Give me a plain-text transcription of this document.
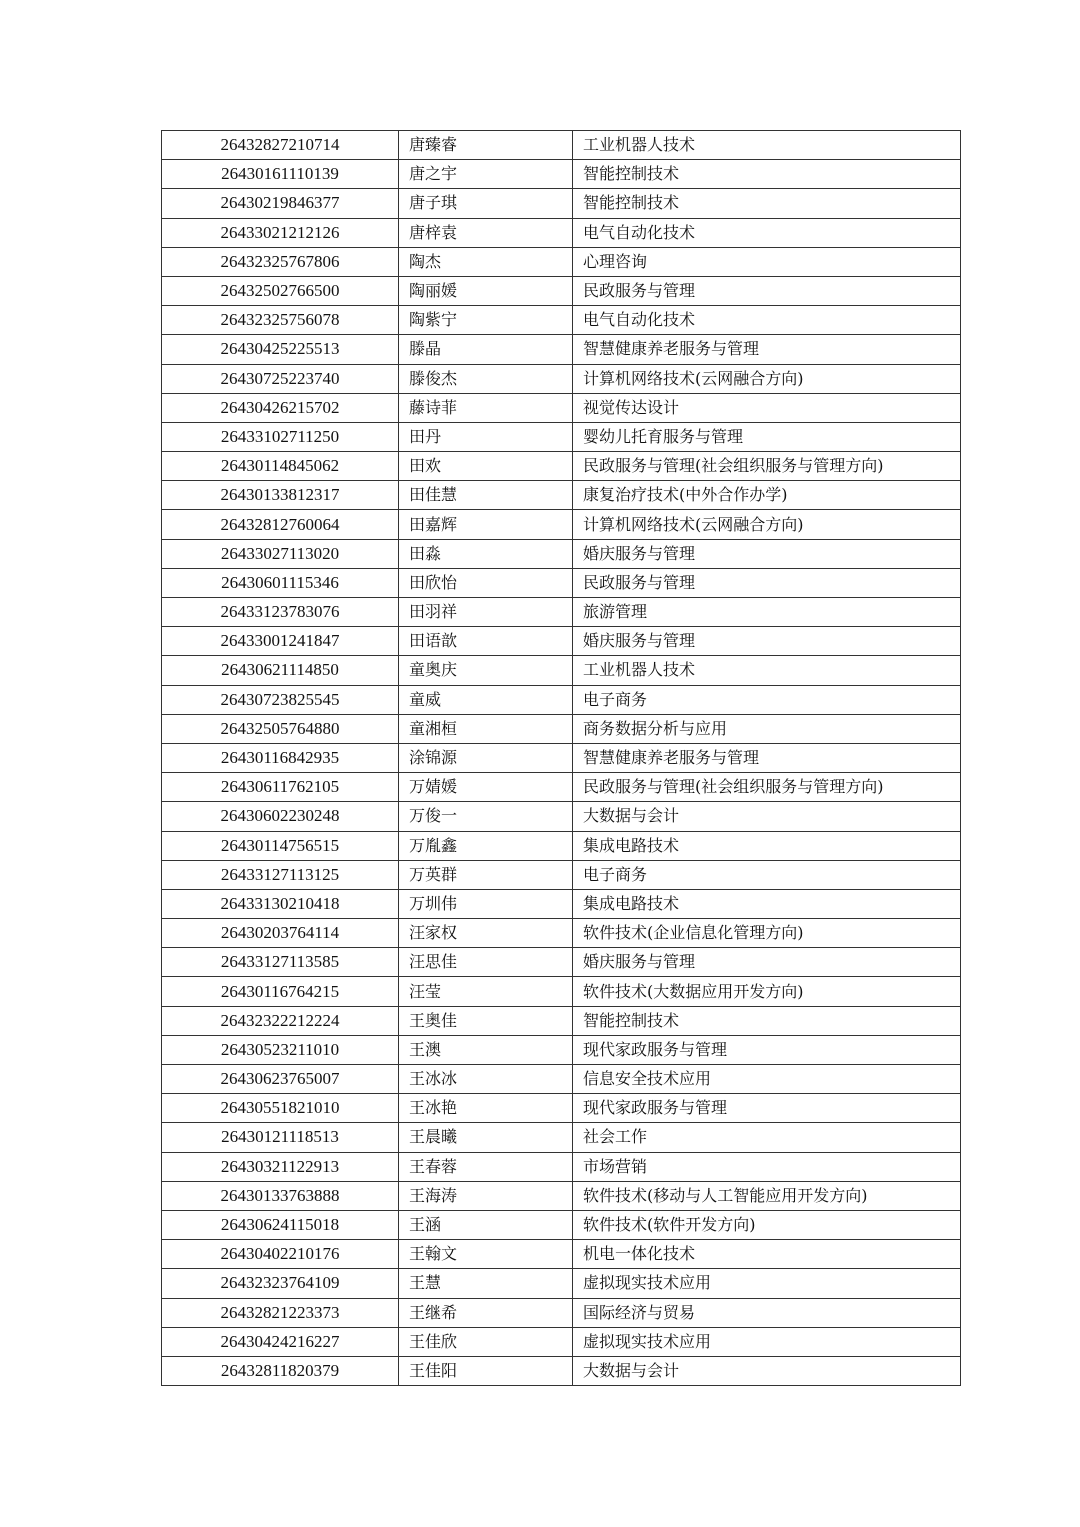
26432827210714	唐臻睿	工业机器人技术
26430161110139	唐之宇	智能控制技术
26430219846377	唐子琪	智能控制技术
26433021212126	唐梓袁	电气自动化技术
26432325767806	陶杰	心理咨询
26432502766500	陶丽媛	民政服务与管理
26432325756078	陶紫宁	电气自动化技术
26430425225513	滕晶	智慧健康养老服务与管理
26430725223740	滕俊杰	计算机网络技术(云网融合方向)
26430426215702	藤诗菲	视觉传达设计
26433102711250	田丹	婴幼儿托育服务与管理
26430114845062	田欢	民政服务与管理(社会组织服务与管理方向)
26430133812317	田佳慧	康复治疗技术(中外合作办学)
26432812760064	田嘉辉	计算机网络技术(云网融合方向)
26433027113020	田淼	婚庆服务与管理
26430601115346	田欣怡	民政服务与管理
26433123783076	田羽祥	旅游管理
26433001241847	田语歆	婚庆服务与管理
26430621114850	童奥庆	工业机器人技术
26430723825545	童威	电子商务
26432505764880	童湘桓	商务数据分析与应用
26430116842935	涂锦源	智慧健康养老服务与管理
26430611762105	万婧媛	民政服务与管理(社会组织服务与管理方向)
26430602230248	万俊一	大数据与会计
26430114756515	万胤鑫	集成电路技术
26433127113125	万英群	电子商务
26433130210418	万圳伟	集成电路技术
26430203764114	汪家权	软件技术(企业信息化管理方向)
26433127113585	汪思佳	婚庆服务与管理
26430116764215	汪莹	软件技术(大数据应用开发方向)
26432322212224	王奥佳	智能控制技术
26430523211010	王澳	现代家政服务与管理
26430623765007	王冰冰	信息安全技术应用
26430551821010	王冰艳	现代家政服务与管理
26430121118513	王晨曦	社会工作
26430321122913	王春蓉	市场营销
26430133763888	王海涛	软件技术(移动与人工智能应用开发方向)
26430624115018	王涵	软件技术(软件开发方向)
26430402210176	王翰文	机电一体化技术
26432323764109	王慧	虚拟现实技术应用
26432821223373	王继希	国际经济与贸易
26430424216227	王佳欣	虚拟现实技术应用
26432811820379	王佳阳	大数据与会计
